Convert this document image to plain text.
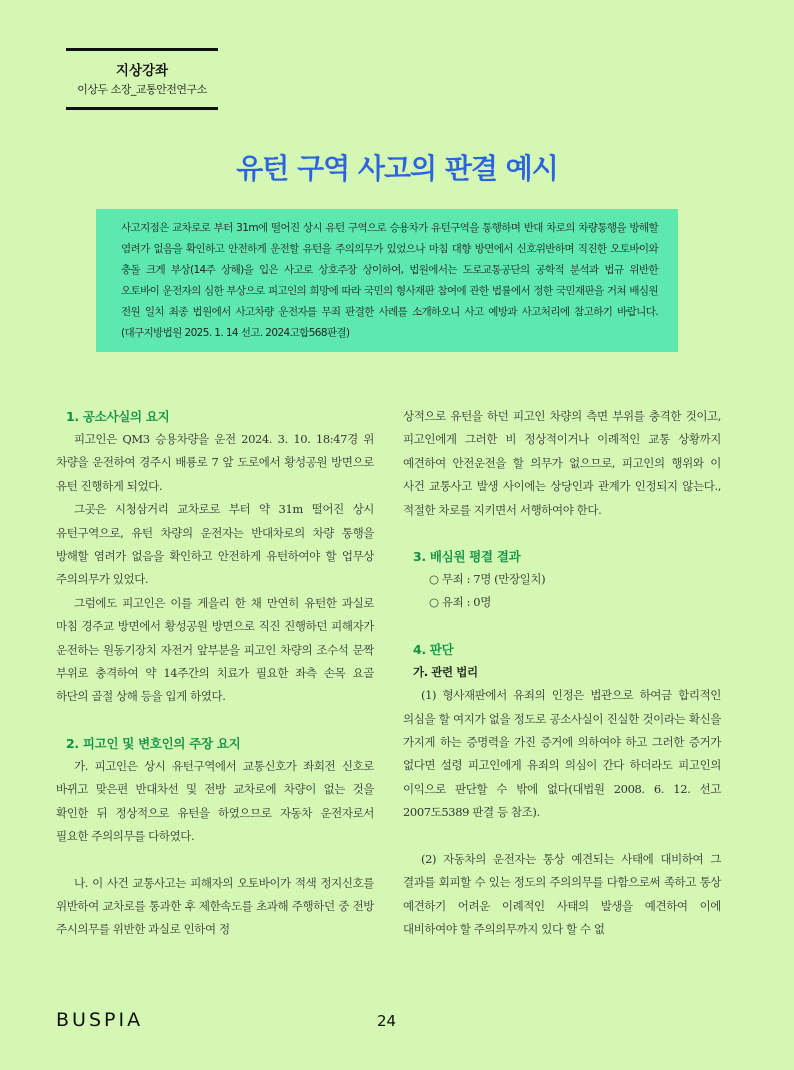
지상강좌
이상두 소장_교통안전연구소
유턴 구역 사고의 판결 예시

사고지점은 교차로로 부터 31m에 떨어진 상시 유턴 구역으로 승용차가 유턴구역을 통행하며 반대 차로의 차량통행을 방해할 염려가 없음을 확인하고 안전하게 운전할 유턴을 주의의무가 있었으나 마침 대향 방면에서 신호위반하며 직진한 오토바이와 충돌 크게 부상(14주 상해)을 입은 사고로 상호주장 상이하여, 법원에서는 도로교통공단의 공학적 분석과 법규 위반한 오토바이 운전자의 심한 부상으로 피고인의 희망에 따라 국민의 형사재판 참여에 관한 법률에서 정한 국민재판을 거쳐 배심원 전원 일치 최종 법원에서 사고차량 운전자를 무죄 판결한 사례를 소개하오니 사고 예방과 사고처리에 참고하기 바랍니다. (대구지방법원 2025. 1. 14 선고. 2024고합568판결)

1. 공소사실의 요지

피고인은 QM3 승용차량을 운전 2024. 3. 10. 18:47경 위 차량을 운전하여 경주시 배룡로 7 앞 도로에서 황성공원 방면으로 유턴 진행하게 되었다.

그곳은 시청삼거리 교차로로 부터 약 31m 떨어진 상시 유턴구역으로, 유턴 차량의 운전자는 반대차로의 차량 통행을 방해할 염려가 없음을 확인하고 안전하게 유턴하여야 할 업무상 주의의무가 있었다.

그럼에도 피고인은 이를 게을리 한 채 만연히 유턴한 과실로 마침 경주교 방면에서 황성공원 방면으로 직진 진행하던 피해자가 운전하는 원동기장치 자전거 앞부분을 피고인 차량의 조수석 문짝 부위로 충격하여 약 14주간의 치료가 필요한 좌측 손목 요골 하단의 골절 상해 등을 입게 하였다.

2. 피고인 및 변호인의 주장 요지

가. 피고인은 상시 유턴구역에서 교통신호가 좌회전 신호로 바뀌고 맞은편 반대차선 및 전방 교차로에 차량이 없는 것을 확인한 뒤 정상적으로 유턴을 하였으므로 자동차 운전자로서 필요한 주의의무를 다하였다.

나. 이 사건 교통사고는 피해자의 오토바이가 적색 정지신호를 위반하여 교차로를 통과한 후 제한속도를 초과해 주행하던 중 전방 주시의무를 위반한 과실로 인하여 정

상적으로 유턴을 하던 피고인 차량의 측면 부위를 충격한 것이고, 피고인에게 그러한 비 정상적이거나 이례적인 교통 상황까지 예견하여 안전운전을 할 의무가 없으므로, 피고인의 행위와 이 사건 교통사고 발생 사이에는 상당인과 관계가 인정되지 않는다., 적절한 차로를 지키면서 서행하여야 한다.

3. 배심원 평결 결과

○ 무죄 : 7명 (만장일치)

○ 유죄 : 0명

4. 판단
가. 관련 법리

(1) 형사재판에서 유죄의 인정은 법관으로 하여금 합리적인 의심을 할 여지가 없을 정도로 공소사실이 진실한 것이라는 확신을 가지게 하는 증명력을 가진 증거에 의하여야 하고 그러한 증거가 없다면 설령 피고인에게 유죄의 의심이 간다 하더라도 피고인의 이익으로 판단할 수 밖에 없다(대법원 2008. 6. 12. 선고 2007도5389 판결 등 참조).

(2) 자동차의 운전자는 통상 예견되는 사태에 대비하여 그 결과를 회피할 수 있는 정도의 주의의무를 다함으로써 족하고 통상 예견하기 어려운 이례적인 사태의 발생을 예견하여 이에 대비하여야 할 주의의무까지 있다 할 수 없

BUSPIA	24
